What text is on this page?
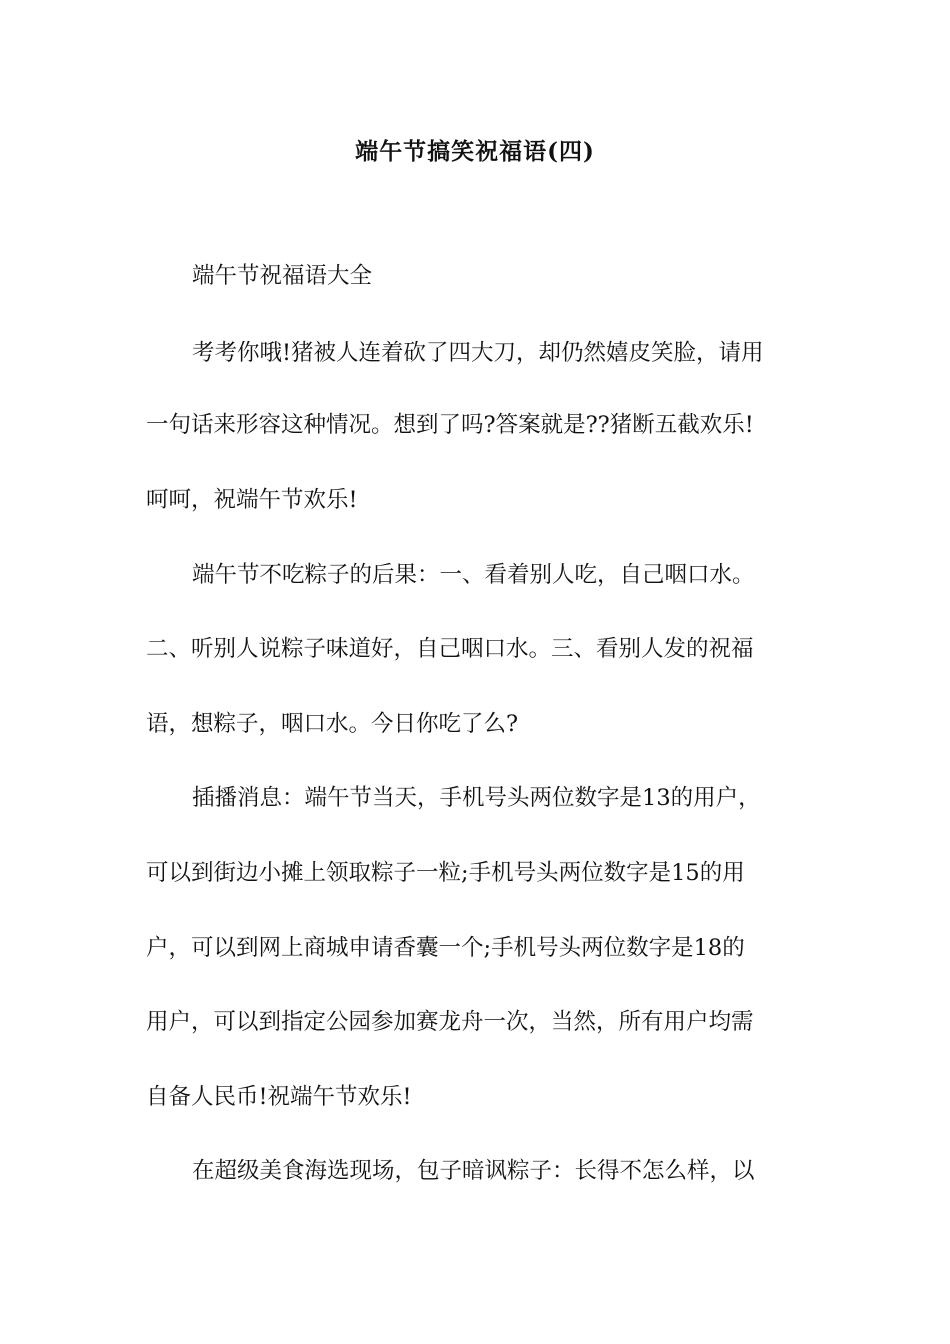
端午节搞笑祝福语(四)
端午节祝福语大全
考考你哦!猪被人连着砍了四大刀，却仍然嬉皮笑脸，请用
一句话来形容这种情况。想到了吗?答案就是??猪断五截欢乐!
呵呵，祝端午节欢乐!
端午节不吃粽子的后果：一、看着别人吃，自己咽口水。
二、听别人说粽子味道好，自己咽口水。三、看别人发的祝福
语，想粽子，咽口水。今日你吃了么?
插播消息：端午节当天，手机号头两位数字是13的用户，
可以到街边小摊上领取粽子一粒;手机号头两位数字是15的用
户，可以到网上商城申请香囊一个;手机号头两位数字是18的
用户，可以到指定公园参加赛龙舟一次，当然，所有用户均需
自备人民币!祝端午节欢乐!
在超级美食海选现场，包子暗讽粽子：长得不怎么样，以
